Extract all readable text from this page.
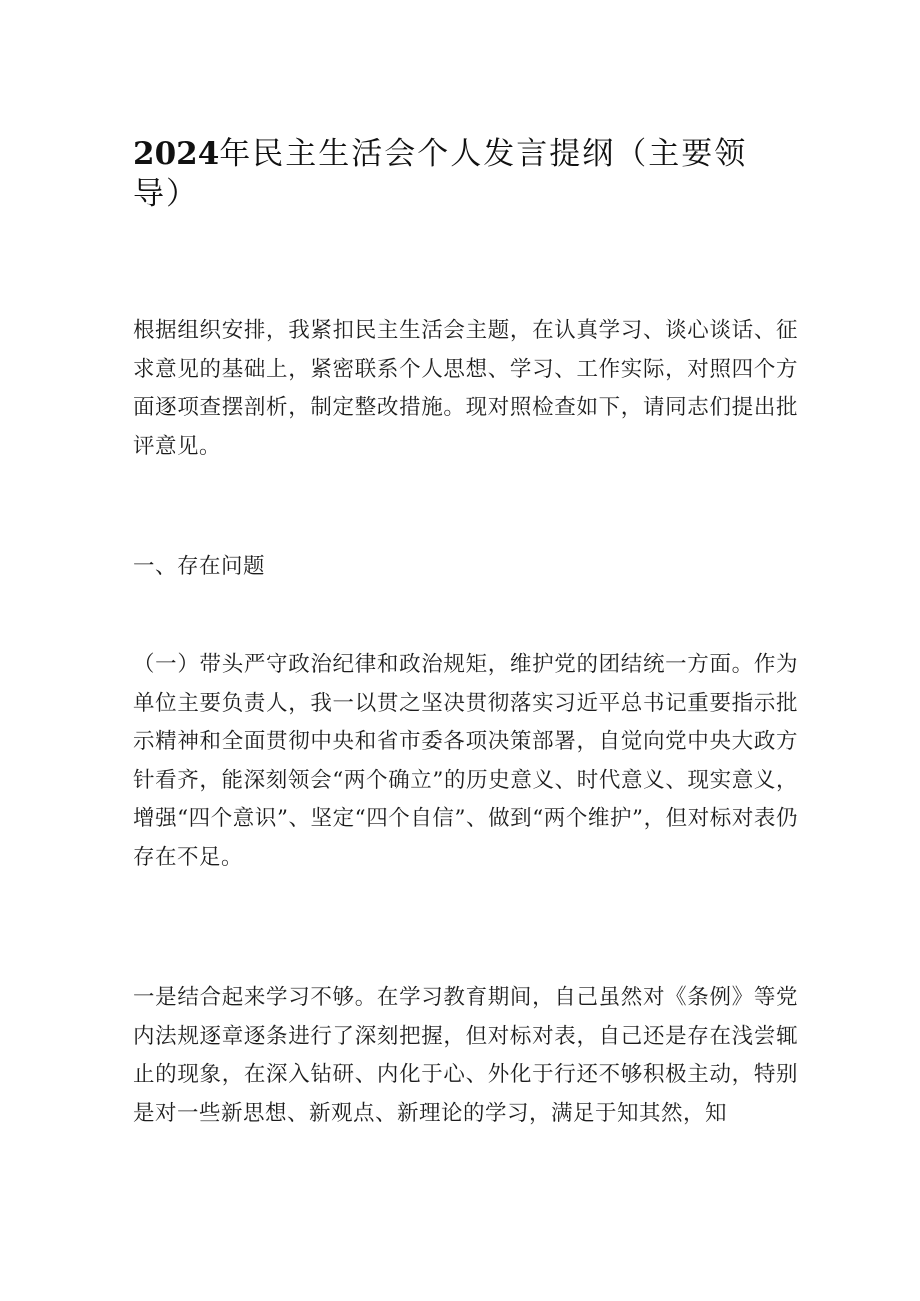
2024年民主生活会个人发言提纲（主要领导）

根据组织安排，我紧扣民主生活会主题，在认真学习、谈心谈话、征求意见的基础上，紧密联系个人思想、学习、工作实际，对照四个方面逐项查摆剖析，制定整改措施。现对照检查如下，请同志们提出批评意见。

一、存在问题

（一）带头严守政治纪律和政治规矩，维护党的团结统一方面。作为单位主要负责人，我一以贯之坚决贯彻落实习近平总书记重要指示批示精神和全面贯彻中央和省市委各项决策部署，自觉向党中央大政方针看齐，能深刻领会“两个确立”的历史意义、时代意义、现实意义，增强“四个意识”、坚定“四个自信”、做到“两个维护”，但对标对表仍存在不足。

一是结合起来学习不够。在学习教育期间，自己虽然对《条例》等党内法规逐章逐条进行了深刻把握，但对标对表，自己还是存在浅尝辄止的现象，在深入钻研、内化于心、外化于行还不够积极主动，特别是对一些新思想、新观点、新理论的学习，满足于知其然，知
